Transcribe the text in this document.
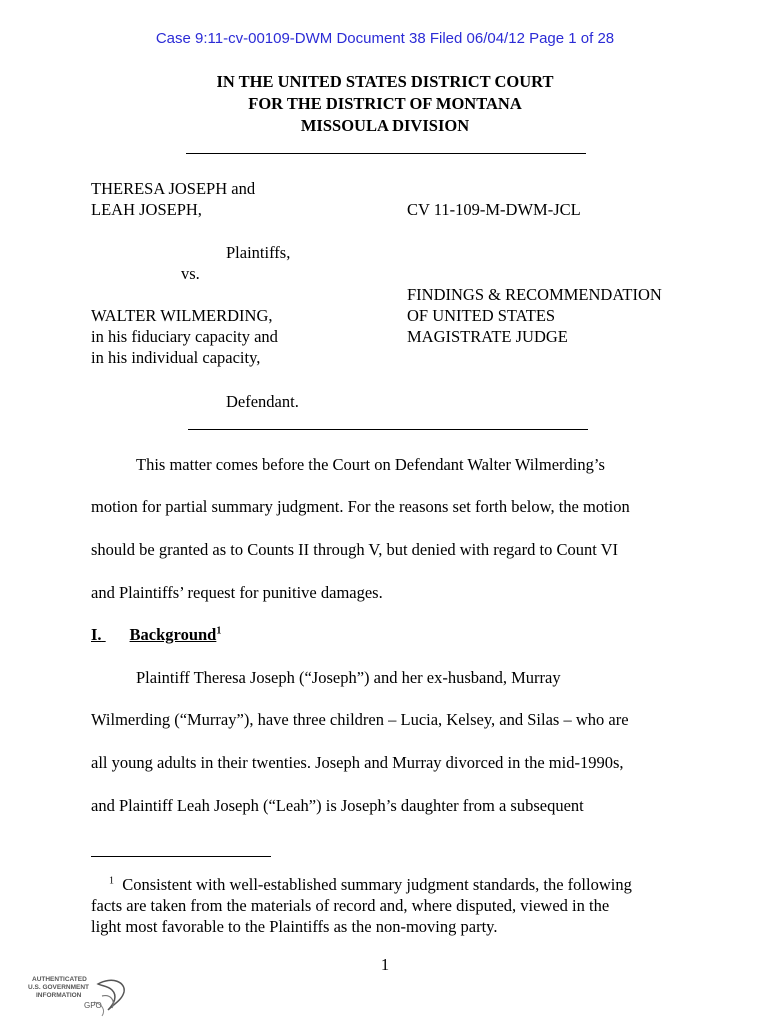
Case 9:11-cv-00109-DWM Document 38 Filed 06/04/12 Page 1 of 28
IN THE UNITED STATES DISTRICT COURT
FOR THE DISTRICT OF MONTANA
MISSOULA DIVISION
THERESA JOSEPH and
LEAH JOSEPH,	CV 11-109-M-DWM-JCL
Plaintiffs,
vs.
FINDINGS & RECOMMENDATION
OF UNITED STATES
MAGISTRATE JUDGE
WALTER WILMERDING,
in his fiduciary capacity and
in his individual capacity,
Defendant.
This matter comes before the Court on Defendant Walter Wilmerding’s
motion for partial summary judgment. For the reasons set forth below, the motion
should be granted as to Counts II through V, but denied with regard to Count VI
and Plaintiffs’ request for punitive damages.
I. Background$^1$
Plaintiff Theresa Joseph (“Joseph”) and her ex-husband, Murray
Wilmerding (“Murray”), have three children – Lucia, Kelsey, and Silas – who are
all young adults in their twenties. Joseph and Murray divorced in the mid-1990s,
and Plaintiff Leah Joseph (“Leah”) is Joseph’s daughter from a subsequent
$^1$ Consistent with well-established summary judgment standards, the following
facts are taken from the materials of record and, where disputed, viewed in the
light most favorable to the Plaintiffs as the non-moving party.
1
AUTHENTICATED
U.S. GOVERNMENT
INFORMATION
GPO
